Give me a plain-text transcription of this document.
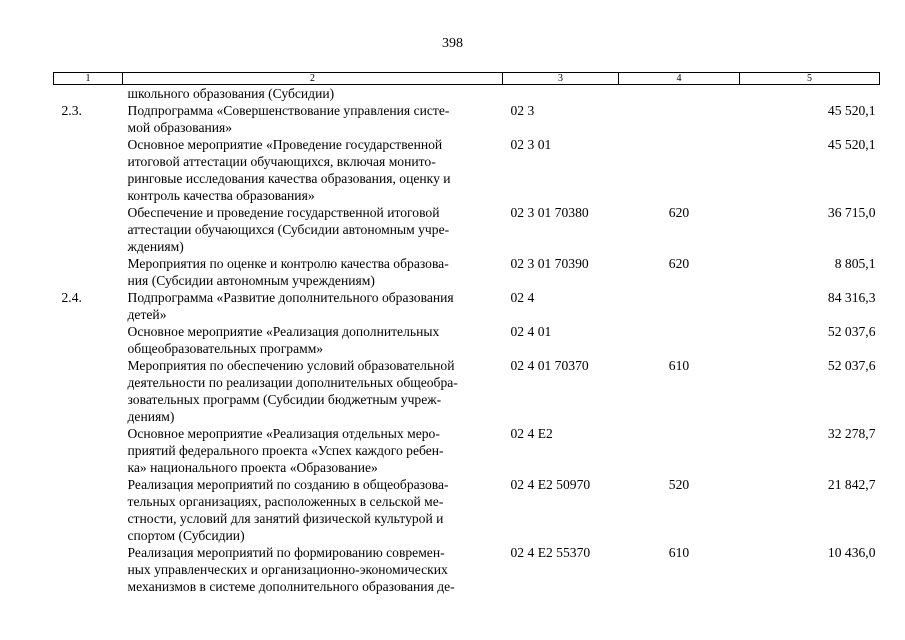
398
1	2	3	4	5

	школьного образования (Субсидии)			

2.3.	Подпрограмма «Совершенствование управления систе-
мой образования»	02 3		45 520,1

	Основное мероприятие «Проведение государственной
итоговой аттестации обучающихся, включая монито-
ринговые исследования качества образования, оценку и
контроль качества образования»	02 3 01		45 520,1

	Обеспечение и проведение государственной итоговой
аттестации обучающихся (Субсидии автономным учре-
ждениям)	02 3 01 70380	620	36 715,0

	Мероприятия по оценке и контролю качества образова-
ния (Субсидии автономным учреждениям)	02 3 01 70390	620	8 805,1
2.4.	Подпрограмма «Развитие дополнительного образования
детей»	02 4		84 316,3

	Основное мероприятие «Реализация дополнительных
общеобразовательных программ»	02 4 01		52 037,6

	Мероприятия по обеспечению условий образовательной
деятельности по реализации дополнительных общеобра-
зовательных программ (Субсидии бюджетным учреж-
дениям)	02 4 01 70370	610	52 037,6

	Основное мероприятие «Реализация отдельных меро-
приятий федерального проекта «Успех каждого ребен-
ка» национального проекта «Образование»	02 4 E2		32 278,7

	Реализация мероприятий по созданию в общеобразова-
тельных организациях, расположенных в сельской ме-
стности, условий для занятий физической культурой и
спортом (Субсидии)	02 4 E2 50970	520	21 842,7

	Реализация мероприятий по формированию современ-
ных управленческих и организационно-экономических
механизмов в системе дополнительного образования де-	02 4 E2 55370	610	10 436,0
